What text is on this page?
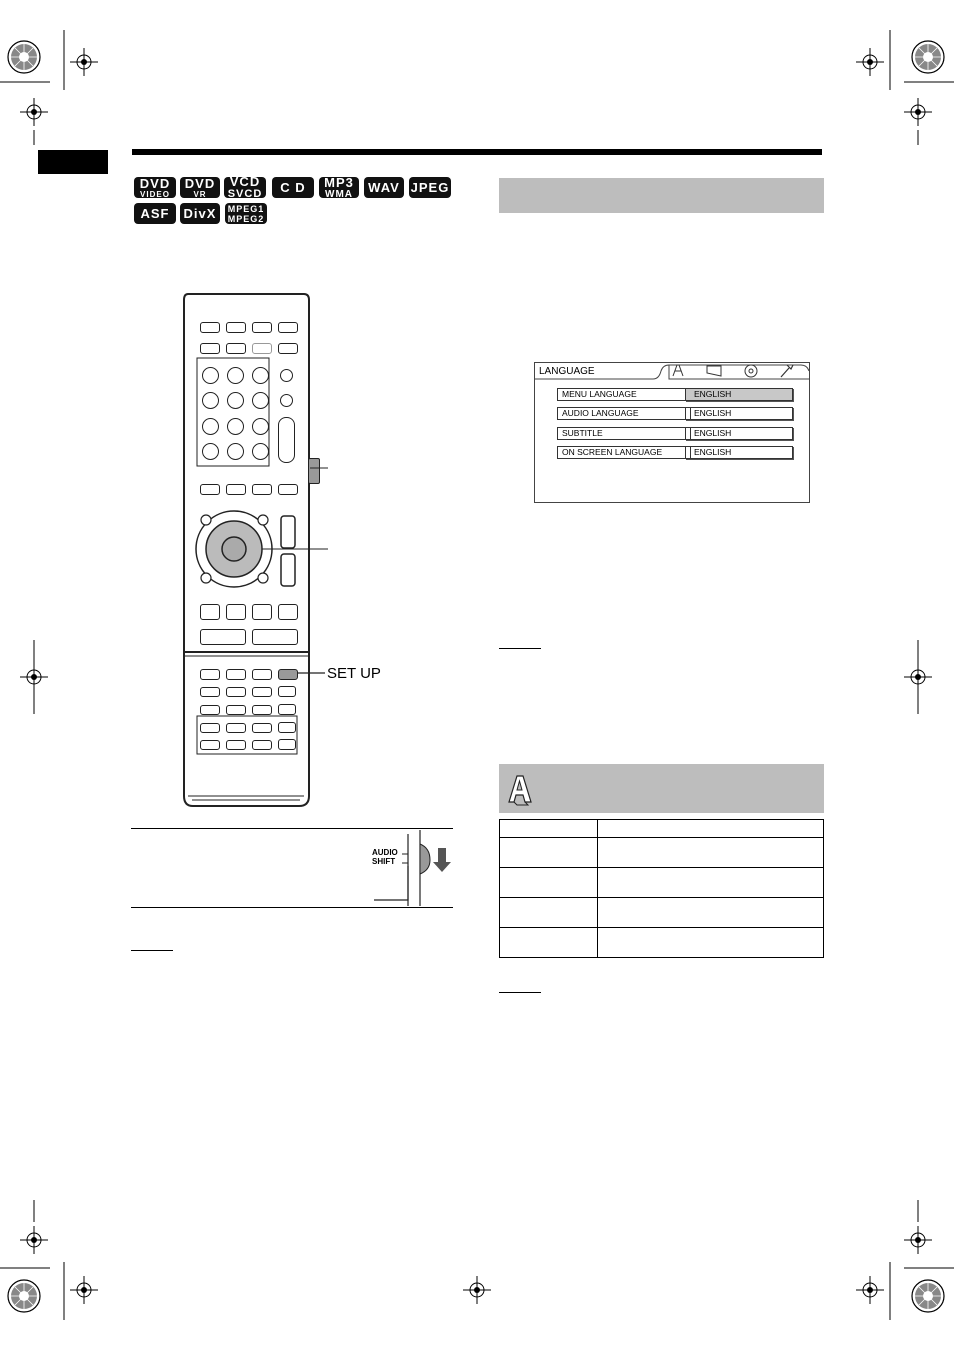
DVD
VIDEO
DVD
VR
VCD
SVCD C D MP3
WMA WAV JPEG
ASF DivX MPEG1
MPEG2
SET UP
AUDIO
SHIFT
LANGUAGE
MENU LANGUAGE	ENGLISH
AUDIO LANGUAGE	ENGLISH
SUBTITLE	ENGLISH
ON SCREEN LANGUAGE	ENGLISH
